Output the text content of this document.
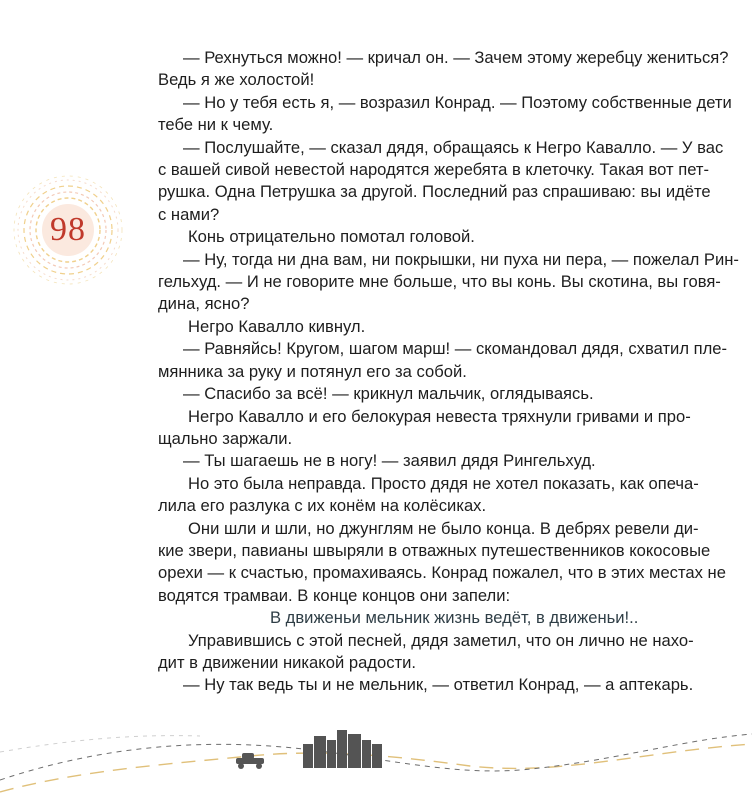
98

— Рехнуться можно! — кричал он. — Зачем этому жеребцу жениться?

Ведь я же холостой!

— Но у тебя есть я, — возразил Конрад. — Поэтому собственные дети

тебе ни к чему.

— Послушайте, — сказал дядя, обращаясь к Негро Кавалло. — У вас

с вашей сивой невестой народятся жеребята в клеточку. Такая вот пет-

рушка. Одна Петрушка за другой. Последний раз спрашиваю: вы идёте

с нами?

Конь отрицательно помотал головой.

— Ну, тогда ни дна вам, ни покрышки, ни пуха ни пера, — пожелал Рин-

гельхуд. — И не говорите мне больше, что вы конь. Вы скотина, вы говя-

дина, ясно?

Негро Кавалло кивнул.

— Равняйсь! Кругом, шагом марш! — скомандовал дядя, схватил пле-

мянника за руку и потянул его за собой.

— Спасибо за всё! — крикнул мальчик, оглядываясь.

Негро Кавалло и его белокурая невеста тряхнули гривами и про-

щально заржали.

— Ты шагаешь не в ногу! — заявил дядя Рингельхуд.

Но это была неправда. Просто дядя не хотел показать, как опеча-

лила его разлука с их конём на колёсиках.

Они шли и шли, но джунглям не было конца. В дебрях ревели ди-

кие звери, павианы швыряли в отважных путешественников кокосовые

орехи — к счастью, промахиваясь. Конрад пожалел, что в этих местах не

водятся трамваи. В конце концов они запели:

В движеньи мельник жизнь ведёт, в движеньи!..

Управившись с этой песней, дядя заметил, что он лично не нахо-

дит в движении никакой радости.

— Ну так ведь ты и не мельник, — ответил Конрад, — а аптекарь.
